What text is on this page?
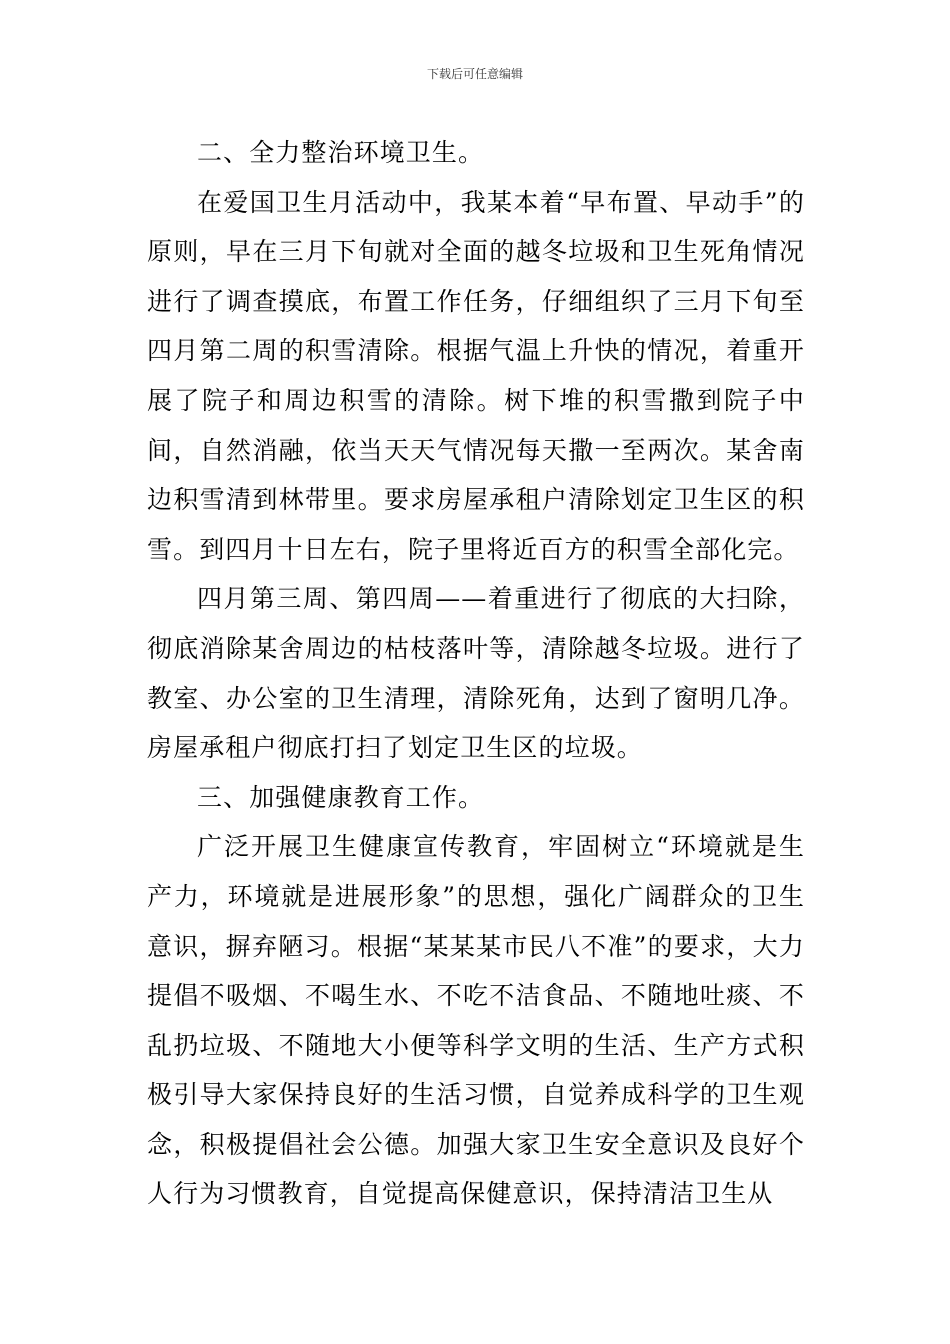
下载后可任意编辑

二、全力整治环境卫生。

在爱国卫生月活动中，我某本着“早布置、早动手”的原则，早在三月下旬就对全面的越冬垃圾和卫生死角情况进行了调查摸底，布置工作任务，仔细组织了三月下旬至四月第二周的积雪清除。根据气温上升快的情况，着重开展了院子和周边积雪的清除。树下堆的积雪撒到院子中间，自然消融，依当天天气情况每天撒一至两次。某舍南边积雪清到林带里。要求房屋承租户清除划定卫生区的积雪。到四月十日左右，院子里将近百方的积雪全部化完。

四月第三周、第四周——着重进行了彻底的大扫除，彻底消除某舍周边的枯枝落叶等，清除越冬垃圾。进行了教室、办公室的卫生清理，清除死角，达到了窗明几净。房屋承租户彻底打扫了划定卫生区的垃圾。

三、加强健康教育工作。

广泛开展卫生健康宣传教育，牢固树立“环境就是生产力，环境就是进展形象”的思想，强化广阔群众的卫生意识，摒弃陋习。根据“某某某市民八不准”的要求，大力提倡不吸烟、不喝生水、不吃不洁食品、不随地吐痰、不乱扔垃圾、不随地大小便等科学文明的生活、生产方式积极引导大家保持良好的生活习惯，自觉养成科学的卫生观念，积极提倡社会公德。加强大家卫生安全意识及良好个人行为习惯教育，自觉提高保健意识，保持清洁卫生从
